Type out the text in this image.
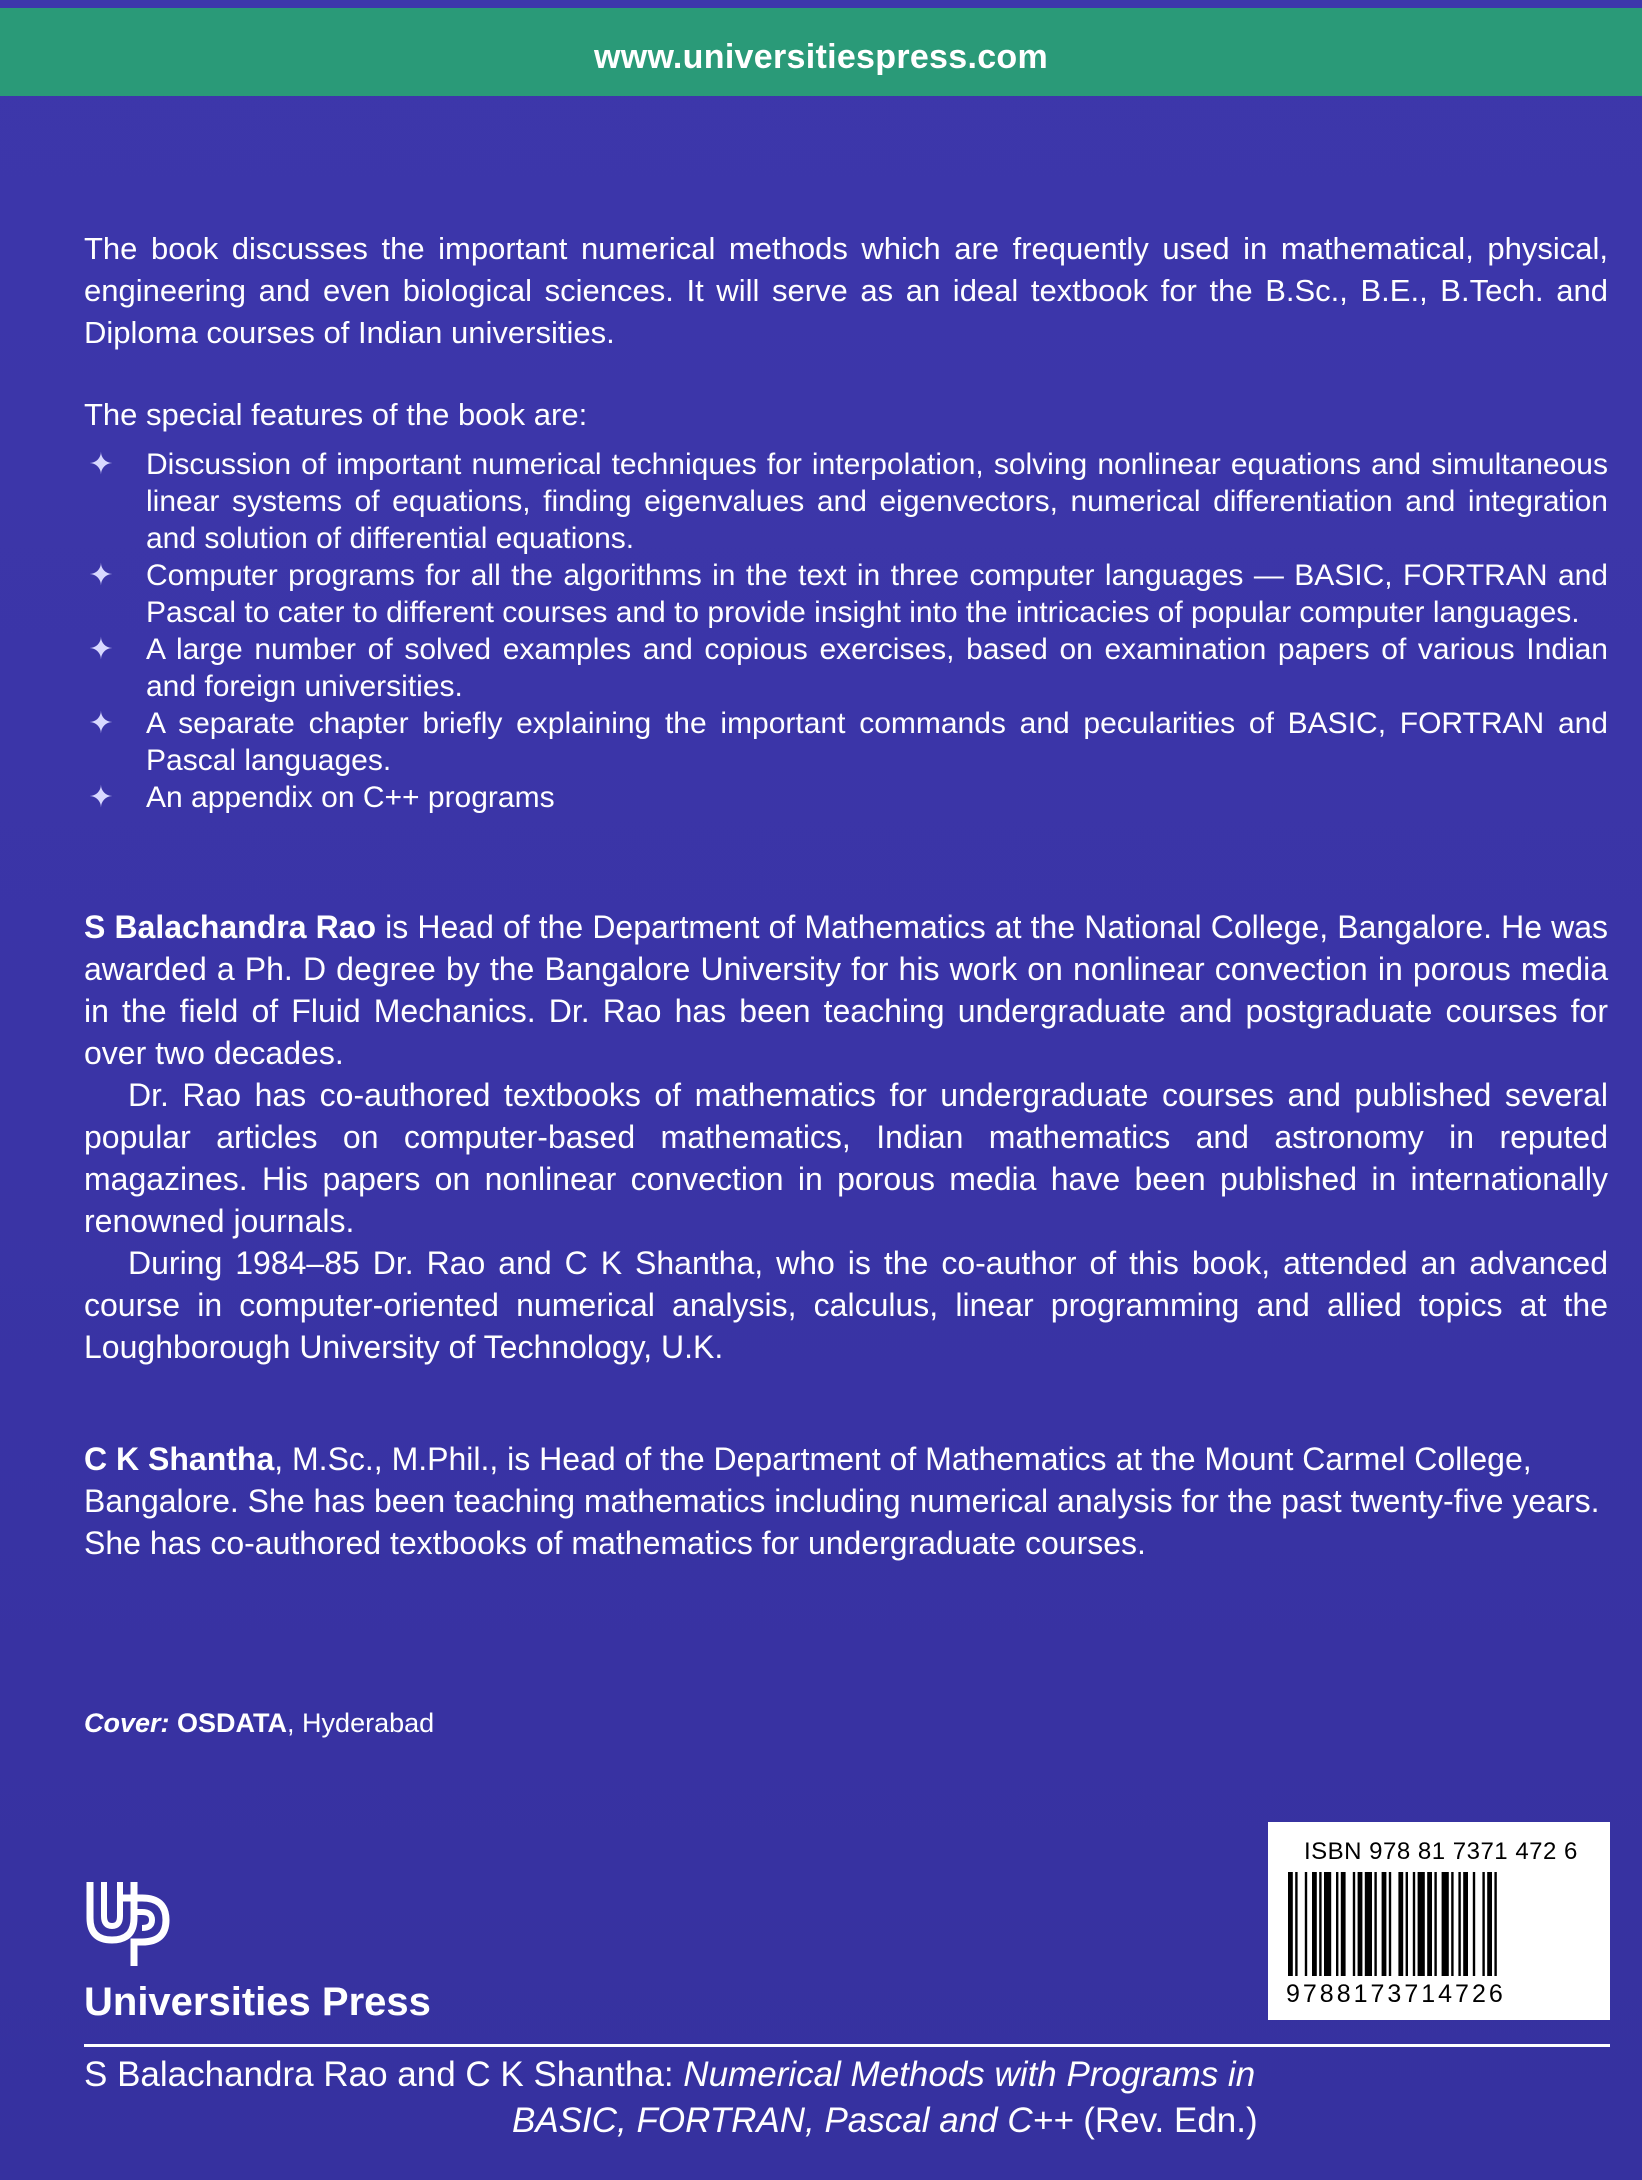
www.universitiespress.com

The book discusses the important numerical methods which are frequently used in mathematical, physical, engineering and even biological sciences. It will serve as an ideal textbook for the B.Sc., B.E., B.Tech. and Diploma courses of Indian universities.

The special features of the book are:
✦ Discussion of important numerical techniques for interpolation, solving nonlinear equations and simultaneous linear systems of equations, finding eigenvalues and eigenvectors, numerical differentiation and integration and solution of differential equations.
✦ Computer programs for all the algorithms in the text in three computer languages — BASIC, FORTRAN and Pascal to cater to different courses and to provide insight into the intricacies of popular computer languages.
✦ A large number of solved examples and copious exercises, based on examination papers of various Indian and foreign universities.
✦ A separate chapter briefly explaining the important commands and pecularities of BASIC, FORTRAN and Pascal languages.
✦ An appendix on C++ programs

S Balachandra Rao is Head of the Department of Mathematics at the National College, Bangalore. He was awarded a Ph. D degree by the Bangalore University for his work on nonlinear convection in porous media in the field of Fluid Mechanics. Dr. Rao has been teaching undergraduate and postgraduate courses for over two decades.

Dr. Rao has co-authored textbooks of mathematics for undergraduate courses and published several popular articles on computer-based mathematics, Indian mathematics and astronomy in reputed magazines. His papers on nonlinear convection in porous media have been published in internationally renowned journals.

During 1984–85 Dr. Rao and C K Shantha, who is the co-author of this book, attended an advanced course in computer-oriented numerical analysis, calculus, linear programming and allied topics at the Loughborough University of Technology, U.K.

C K Shantha, M.Sc., M.Phil., is Head of the Department of Mathematics at the Mount Carmel College, Bangalore. She has been teaching mathematics including numerical analysis for the past twenty-five years. She has co-authored textbooks of mathematics for undergraduate courses.

Cover: OSDATA, Hyderabad
Universities Press
ISBN 978 81 7371 472 6
9788173714726
S Balachandra Rao and C K Shantha: Numerical Methods with Programs in
BASIC, FORTRAN, Pascal and C++ (Rev. Edn.)
